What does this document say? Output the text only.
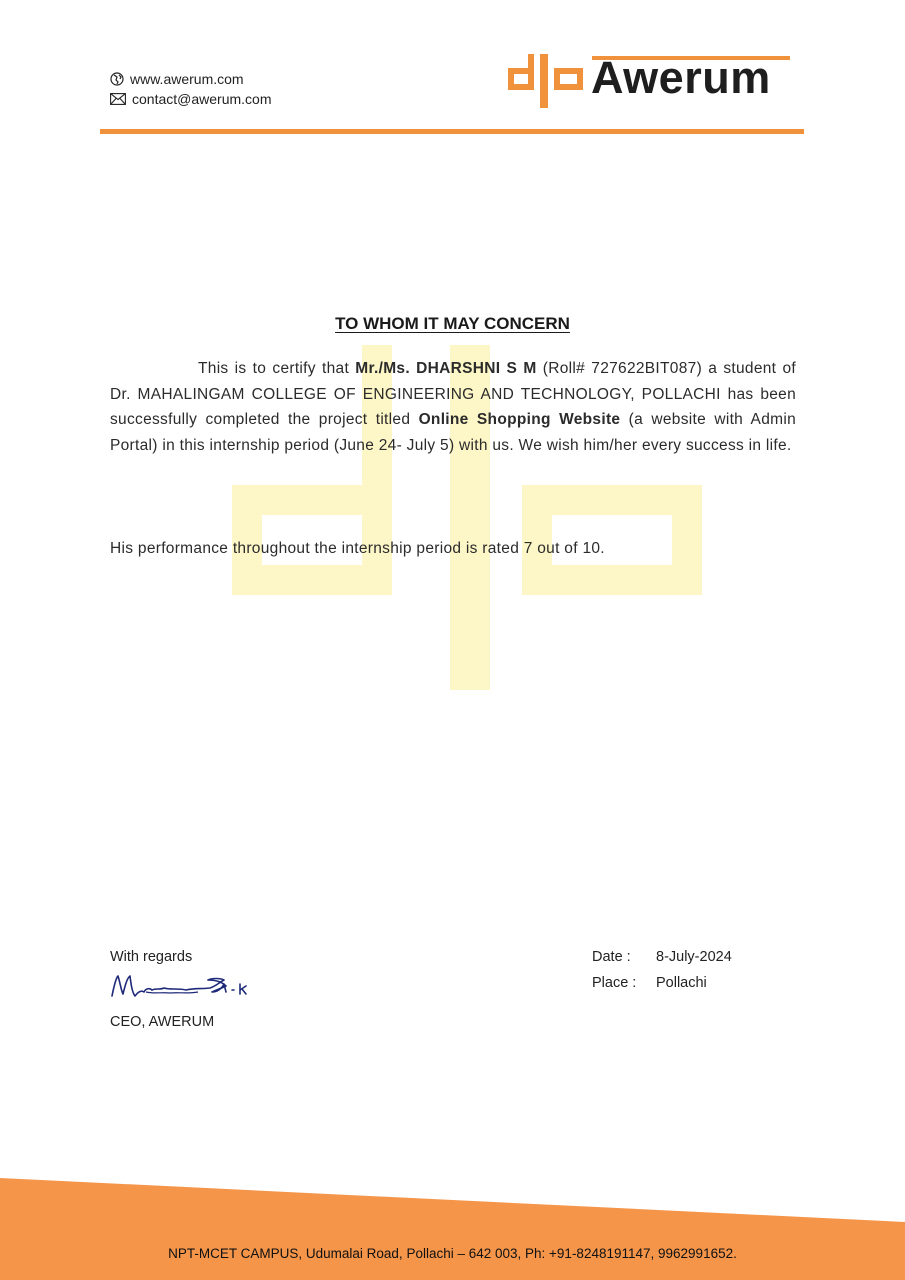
www.awerum.com
contact@awerum.com	Awerum
TO WHOM IT MAY CONCERN
This is to certify that Mr./Ms. DHARSHNI S M (Roll# 727622BIT087) a student of Dr. MAHALINGAM COLLEGE OF ENGINEERING AND TECHNOLOGY, POLLACHI has been successfully completed the project titled Online Shopping Website (a website with Admin Portal) in this internship period (June 24- July 5) with us. We wish him/her every success in life.
His performance throughout the internship period is rated 7 out of 10.
With regards
CEO, AWERUM
Date : 8-July-2024
Place : Pollachi
NPT-MCET CAMPUS, Udumalai Road, Pollachi – 642 003, Ph: +91-8248191147, 9962991652.
